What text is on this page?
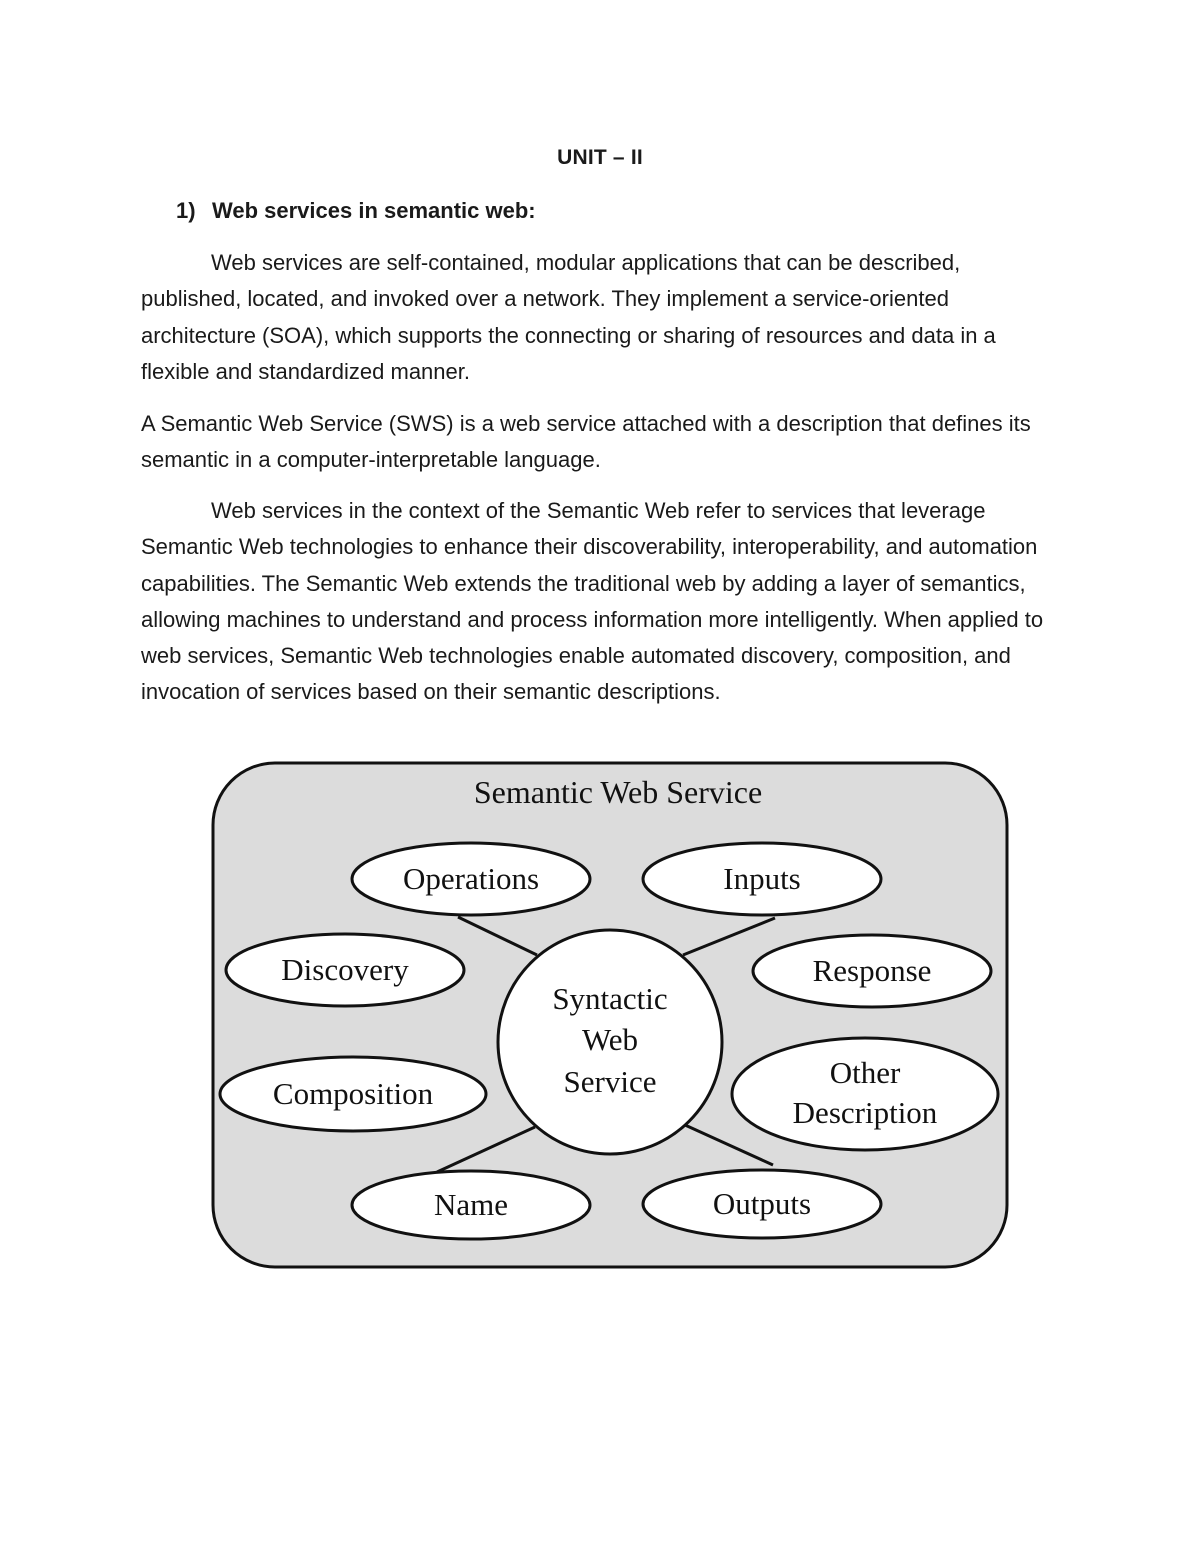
UNIT – II
1) Web services in semantic web:

Web services are self-contained, modular applications that can be described, published, located, and invoked over a network. They implement a service-oriented architecture (SOA), which supports the connecting or sharing of resources and data in a flexible and standardized manner.

A Semantic Web Service (SWS) is a web service attached with a description that defines its semantic in a computer-interpretable language.

Web services in the context of the Semantic Web refer to services that leverage Semantic Web technologies to enhance their discoverability, interoperability, and automation capabilities. The Semantic Web extends the traditional web by adding a layer of semantics, allowing machines to understand and process information more intelligently. When applied to web services, Semantic Web technologies enable automated discovery, composition, and invocation of services based on their semantic descriptions.

Semantic Web Service
Syntactic
Web
Service
Operations	Inputs
Discovery	Response
Composition
Other
Description
Name	Outputs
